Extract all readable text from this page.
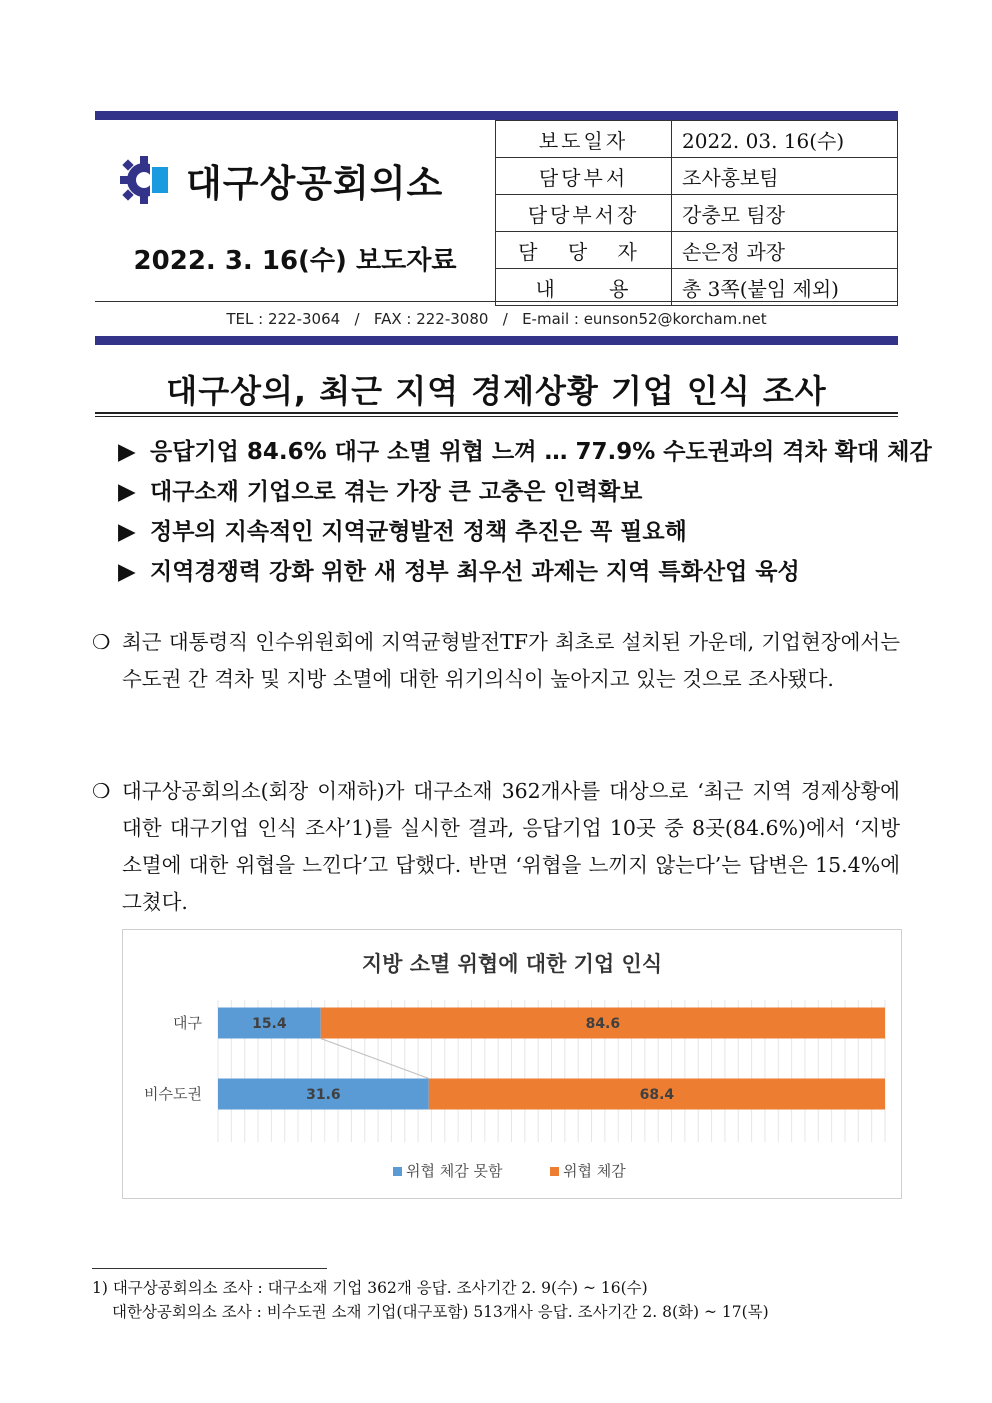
대구상공회의소
2022. 3. 16(수) 보도자료
보도일자	2022. 03. 16(수)
담당부서	조사홍보팀
담당부서장	강충모 팀장
담 당 자	손은정 과장
내 용	총 3쪽(붙임 제외)
TEL : 222-3064   /   FAX : 222-3080   /   E-mail : eunson52@korcham.net
대구상의, 최근 지역 경제상황 기업 인식 조사
▶ 응답기업 84.6% 대구 소멸 위협 느껴 … 77.9% 수도권과의 격차 확대 체감
▶ 대구소재 기업으로 겪는 가장 큰 고충은 인력확보
▶ 정부의 지속적인 지역균형발전 정책 추진은 꼭 필요해
▶ 지역경쟁력 강화 위한 새 정부 최우선 과제는 지역 특화산업 육성
❍ 최근 대통령직 인수위원회에 지역균형발전TF가 최초로 설치된 가운데, 기업현장에서는 수도권 간 격차 및 지방 소멸에 대한 위기의식이 높아지고 있는 것으로 조사됐다.
❍ 대구상공회의소(회장 이재하)가 대구소재 362개사를 대상으로 ‘최근 지역 경제상황에 대한 대구기업 인식 조사’1)를 실시한 결과, 응답기업 10곳 중 8곳(84.6%)에서 ‘지방 소멸에 대한 위협을 느낀다’고 답했다. 반면 ‘위협을 느끼지 않는다’는 답변은 15.4%에 그쳤다.
지방 소멸 위협에 대한 기업 인식
대구	15.4	84.6
비수도권	31.6	68.4
위협 체감 못함	위협 체감
1) 대구상공회의소 조사 : 대구소재 기업 362개 응답. 조사기간 2. 9(수) ~ 16(수)
대한상공회의소 조사 : 비수도권 소재 기업(대구포함) 513개사 응답. 조사기간 2. 8(화) ~ 17(목)
